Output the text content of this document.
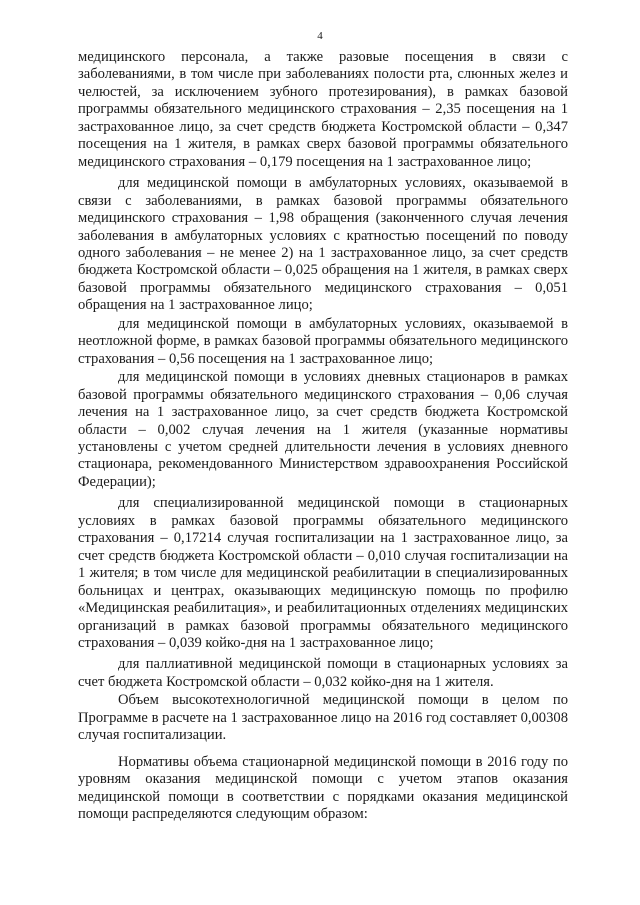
4

медицинского персонала, а также разовые посещения в связи с заболеваниями, в том числе при заболеваниях полости рта, слюнных желез и челюстей, за исключением зубного протезирования), в рамках базовой программы обязательного медицинского страхования – 2,35 посещения на 1 застрахованное лицо, за счет средств бюджета Костромской области – 0,347 посещения на 1 жителя, в рамках сверх базовой программы обязательного медицинского страхования – 0,179 посещения на 1 застрахованное лицо;

для медицинской помощи в амбулаторных условиях, оказываемой в связи с заболеваниями, в рамках базовой программы обязательного медицинского страхования – 1,98 обращения (законченного случая лечения заболевания в амбулаторных условиях с кратностью посещений по поводу одного заболевания – не менее 2) на 1 застрахованное лицо, за счет средств бюджета Костромской области – 0,025 обращения на 1 жителя, в рамках сверх базовой программы обязательного медицинского страхования – 0,051 обращения на 1 застрахованное лицо;

для медицинской помощи в амбулаторных условиях, оказываемой в неотложной форме, в рамках базовой программы обязательного медицинского страхования – 0,56 посещения на 1 застрахованное лицо;

для медицинской помощи в условиях дневных стационаров в рамках базовой программы обязательного медицинского страхования – 0,06 случая лечения на 1 застрахованное лицо, за счет средств бюджета Костромской области – 0,002 случая лечения на 1 жителя (указанные нормативы установлены с учетом средней длительности лечения в условиях дневного стационара, рекомендованного Министерством здравоохранения Российской Федерации);

для специализированной медицинской помощи в стационарных условиях в рамках базовой программы обязательного медицинского страхования – 0,17214 случая госпитализации на 1 застрахованное лицо, за счет средств бюджета Костромской области – 0,010 случая госпитализации на 1 жителя; в том числе для медицинской реабилитации в специализированных больницах и центрах, оказывающих медицинскую помощь по профилю «Медицинская реабилитация», и реабилитационных отделениях медицинских организаций в рамках базовой программы обязательного медицинского страхования – 0,039 койко-дня на 1 застрахованное лицо;

для паллиативной медицинской помощи в стационарных условиях за счет бюджета Костромской области – 0,032 койко-дня на 1 жителя.

Объем высокотехнологичной медицинской помощи в целом по Программе в расчете на 1 застрахованное лицо на 2016 год составляет 0,00308 случая госпитализации.

Нормативы объема стационарной медицинской помощи в 2016 году по уровням оказания медицинской помощи с учетом этапов оказания медицинской помощи в соответствии с порядками оказания медицинской помощи распределяются следующим образом:
